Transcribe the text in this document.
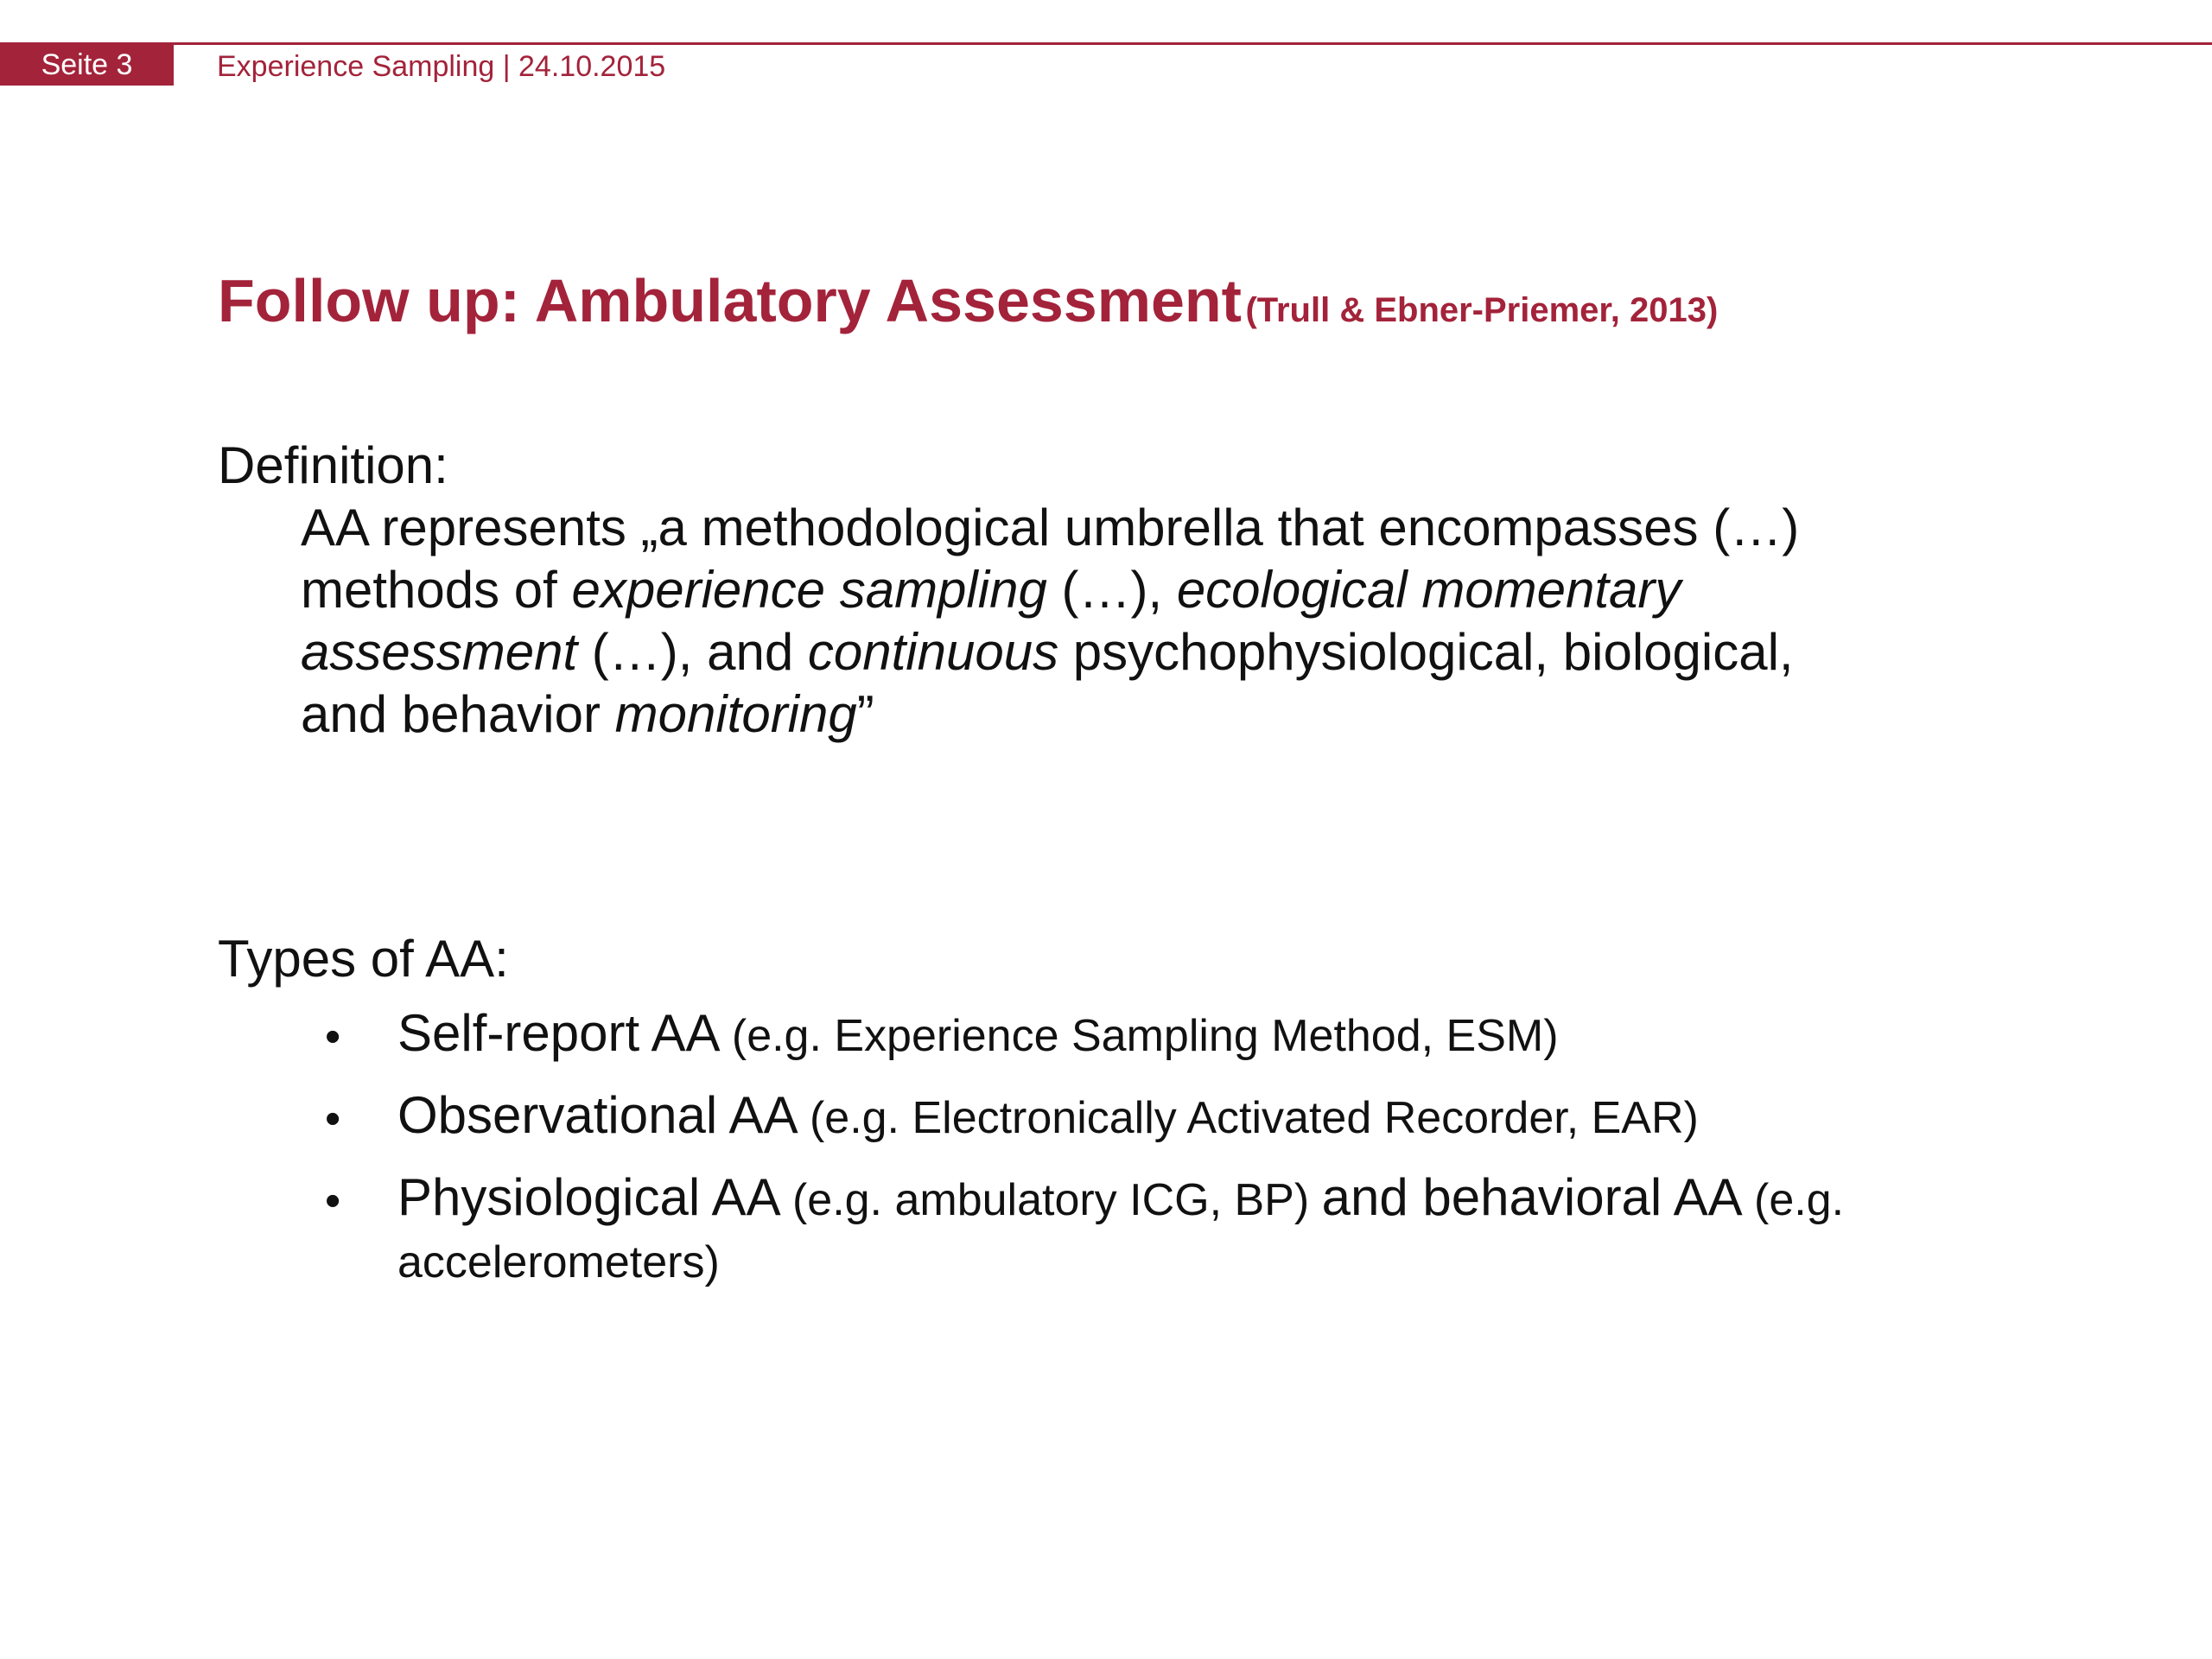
Seite 3	Experience Sampling | 24.10.2015
Follow up: Ambulatory Assessment (Trull & Ebner-Priemer, 2013)
Definition:
AA represents „a methodological umbrella that encompasses (…)
methods of experience sampling (…), ecological momentary
assessment (…), and continuous psychophysiological, biological,
and behavior monitoring”
Types of AA:
• Self-report AA (e.g. Experience Sampling Method, ESM)
• Observational AA (e.g. Electronically Activated Recorder, EAR)
• Physiological AA (e.g. ambulatory ICG, BP) and behavioral AA (e.g. accelerometers)
